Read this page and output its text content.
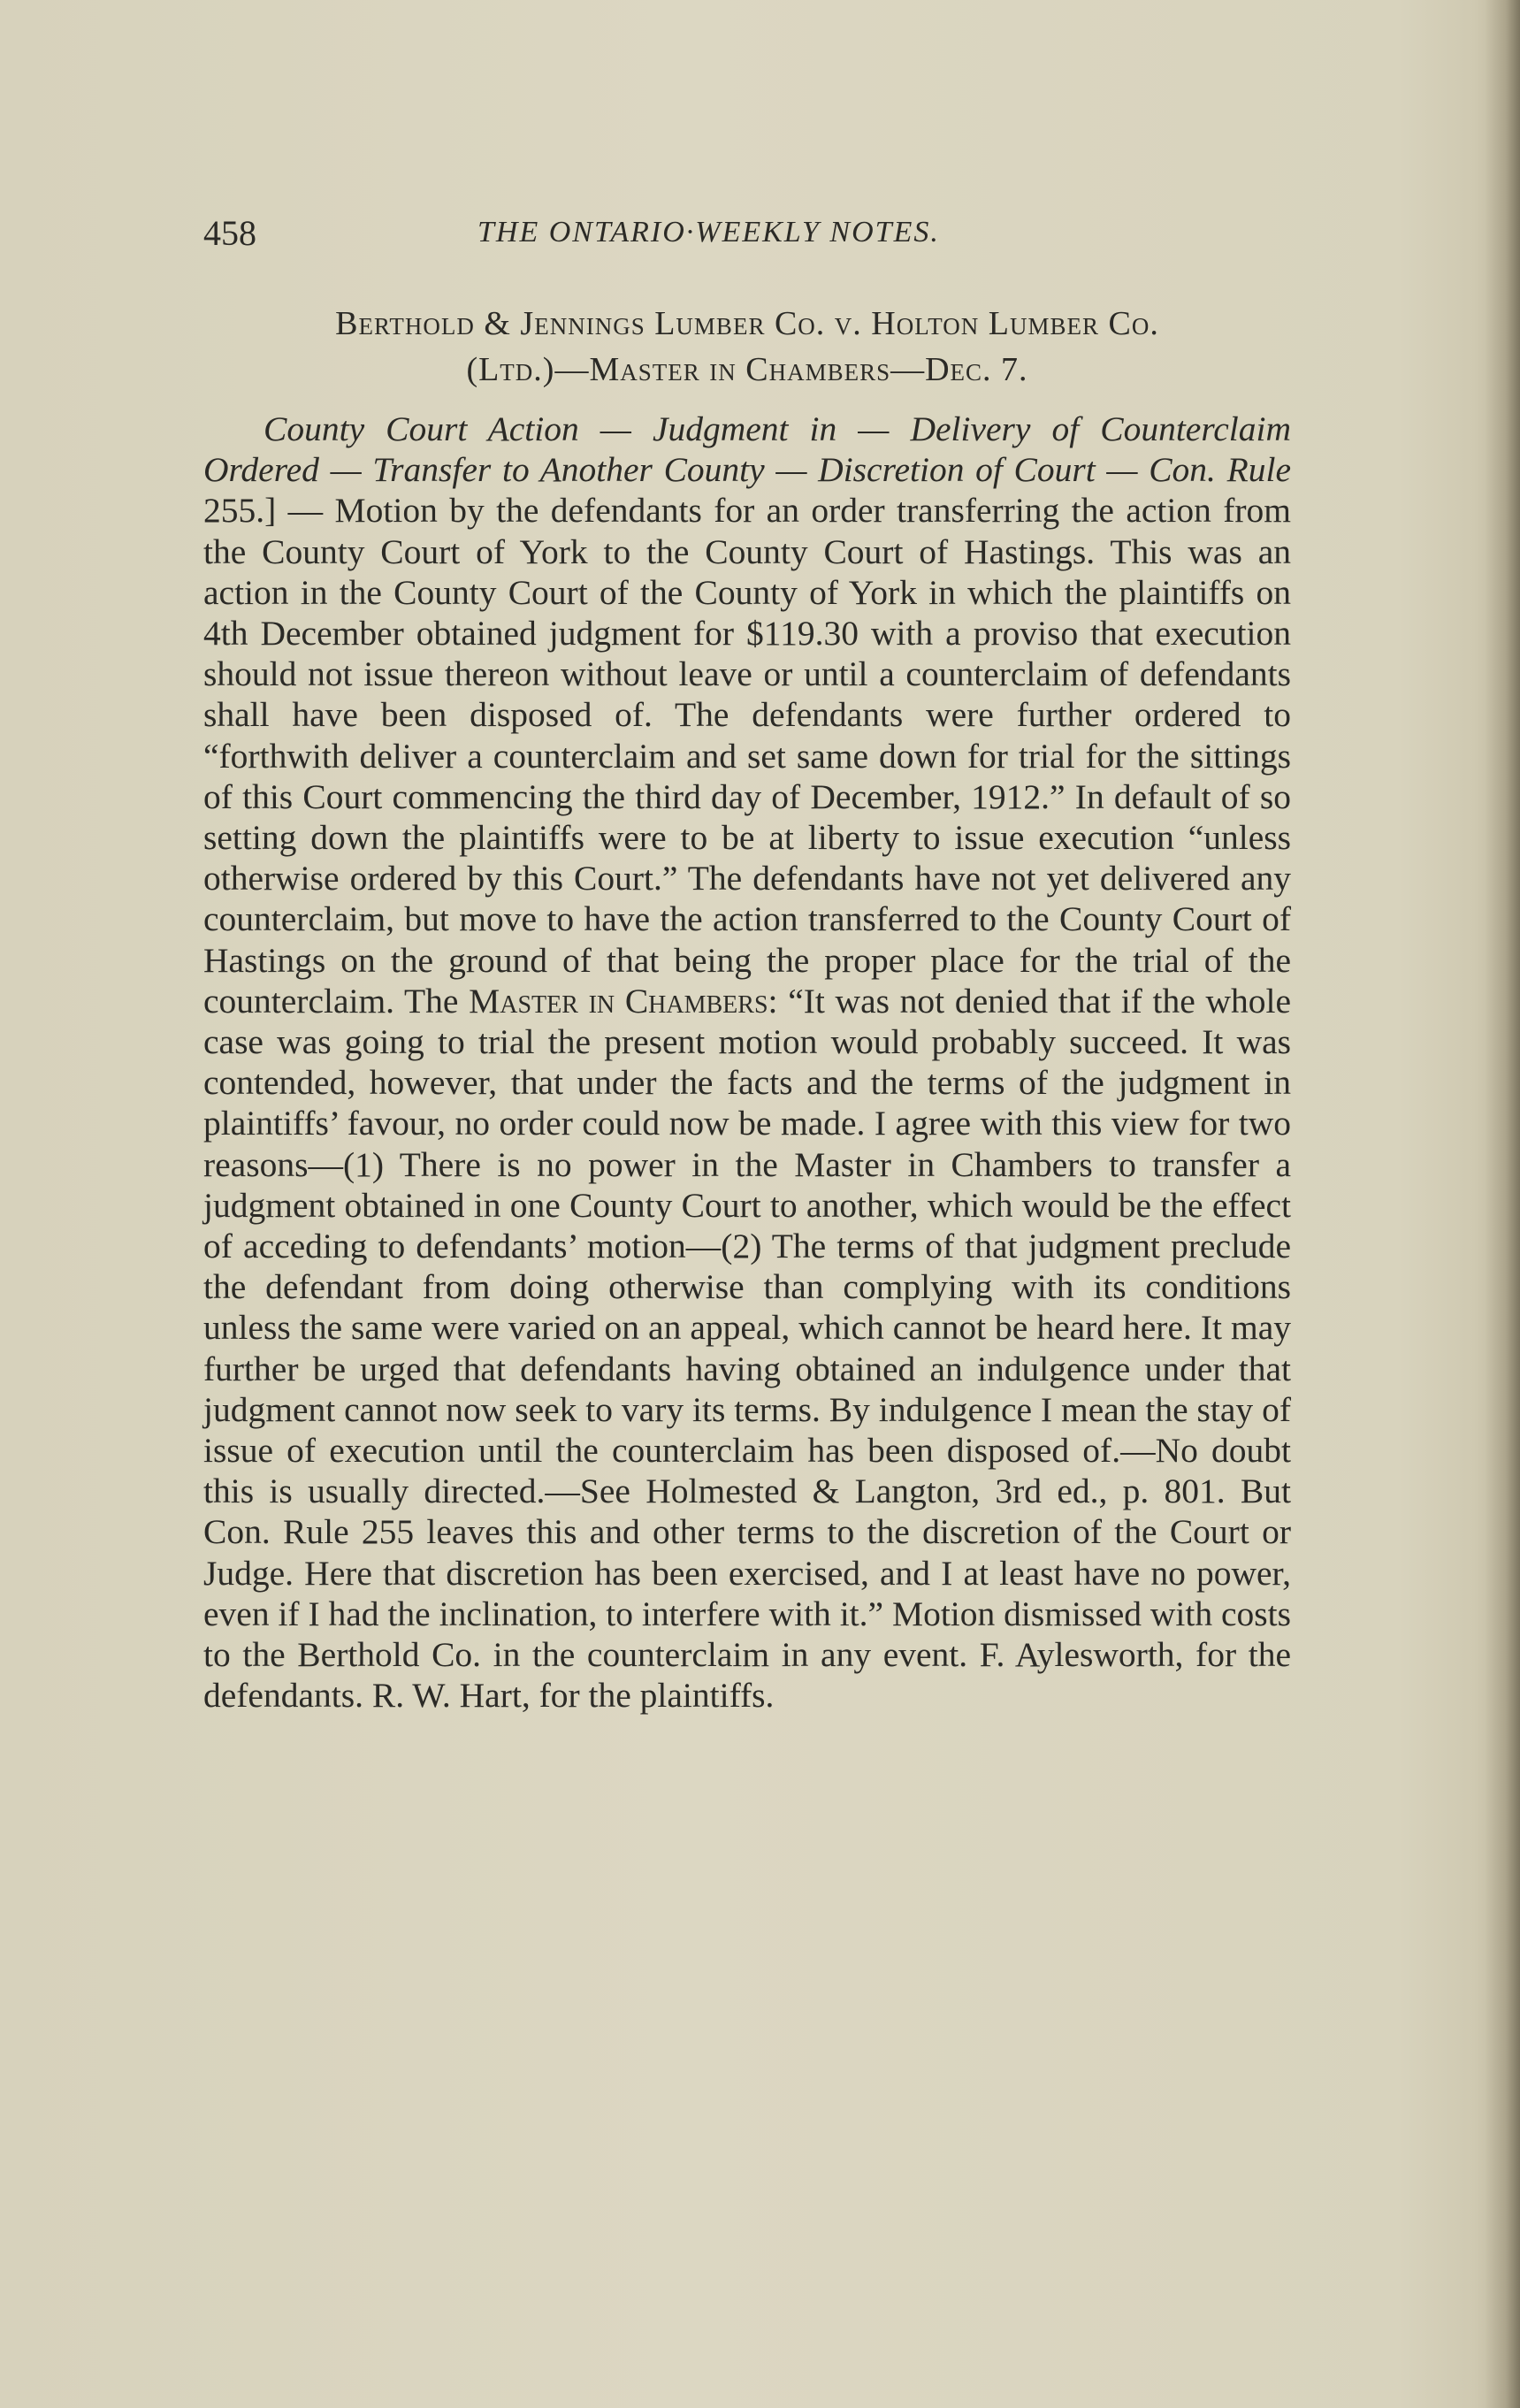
458	THE ONTARIO·WEEKLY NOTES.
Berthold & Jennings Lumber Co. v. Holton Lumber Co.
(Ltd.)—Master in Chambers—Dec. 7.

County Court Action — Judgment in — Delivery of Counterclaim Ordered — Transfer to Another County — Discretion of Court — Con. Rule 255.] — Motion by the defendants for an order transferring the action from the County Court of York to the County Court of Hastings. This was an action in the County Court of the County of York in which the plaintiffs on 4th December obtained judgment for $119.30 with a proviso that execution should not issue thereon without leave or until a counterclaim of defendants shall have been disposed of. The defendants were further ordered to “forthwith deliver a counterclaim and set same down for trial for the sittings of this Court commencing the third day of December, 1912.” In default of so setting down the plaintiffs were to be at liberty to issue execution “unless otherwise ordered by this Court.” The defendants have not yet delivered any counterclaim, but move to have the action transferred to the County Court of Hastings on the ground of that being the proper place for the trial of the counterclaim. The Master in Chambers: “It was not denied that if the whole case was going to trial the present motion would probably succeed. It was contended, however, that under the facts and the terms of the judgment in plaintiffs’ favour, no order could now be made. I agree with this view for two reasons—(1) There is no power in the Master in Chambers to transfer a judgment obtained in one County Court to another, which would be the effect of acceding to defendants’ motion—(2) The terms of that judgment preclude the defendant from doing otherwise than complying with its conditions unless the same were varied on an appeal, which cannot be heard here. It may further be urged that defendants having obtained an indulgence under that judgment cannot now seek to vary its terms. By indulgence I mean the stay of issue of execution until the counterclaim has been disposed of.—No doubt this is usually directed.—See Holmested & Langton, 3rd ed., p. 801. But Con. Rule 255 leaves this and other terms to the discretion of the Court or Judge. Here that discretion has been exercised, and I at least have no power, even if I had the inclination, to interfere with it.” Motion dismissed with costs to the Berthold Co. in the counterclaim in any event. F. Aylesworth, for the defendants. R. W. Hart, for the plaintiffs.
